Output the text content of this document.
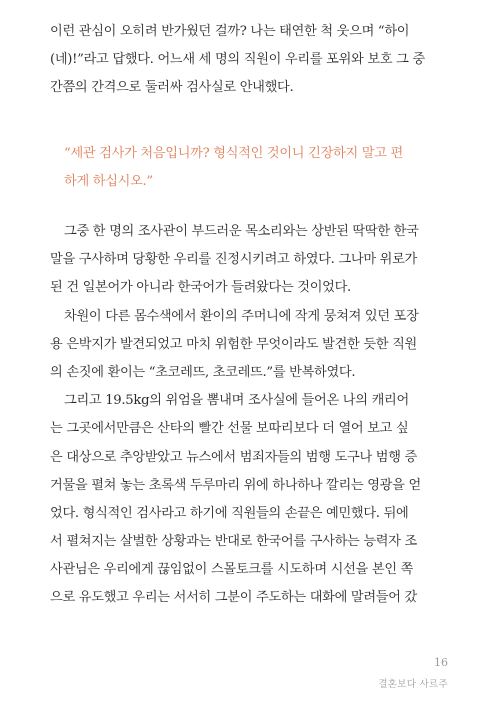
이런 관심이 오히려 반가웠던 걸까? 나는 태연한 척 웃으며 “하이
(네)!”라고 답했다. 어느새 세 명의 직원이 우리를 포위와 보호 그 중
간쯤의 간격으로 둘러싸 검사실로 안내했다.
“세관 검사가 처음입니까? 형식적인 것이니 긴장하지 말고 편
하게 하십시오.”
그중 한 명의 조사관이 부드러운 목소리와는 상반된 딱딱한 한국
말을 구사하며 당황한 우리를 진정시키려고 하였다. 그나마 위로가
된 건 일본어가 아니라 한국어가 들려왔다는 것이었다.
차원이 다른 몸수색에서 환이의 주머니에 작게 뭉쳐져 있던 포장
용 은박지가 발견되었고 마치 위험한 무엇이라도 발견한 듯한 직원
의 손짓에 환이는 “초코레뜨, 초코레뜨.”를 반복하였다.
그리고 19.5kg의 위엄을 뽐내며 조사실에 들어온 나의 캐리어
는 그곳에서만큼은 산타의 빨간 선물 보따리보다 더 열어 보고 싶
은 대상으로 추앙받았고 뉴스에서 범죄자들의 범행 도구나 범행 증
거물을 펼쳐 놓는 초록색 두루마리 위에 하나하나 깔리는 영광을 얻
었다. 형식적인 검사라고 하기에 직원들의 손끝은 예민했다. 뒤에
서 펼쳐지는 살벌한 상황과는 반대로 한국어를 구사하는 능력자 조
사관님은 우리에게 끊임없이 스몰토크를 시도하며 시선을 본인 쪽
으로 유도했고 우리는 서서히 그분이 주도하는 대화에 말려들어 갔
16
결혼보다 사르주
